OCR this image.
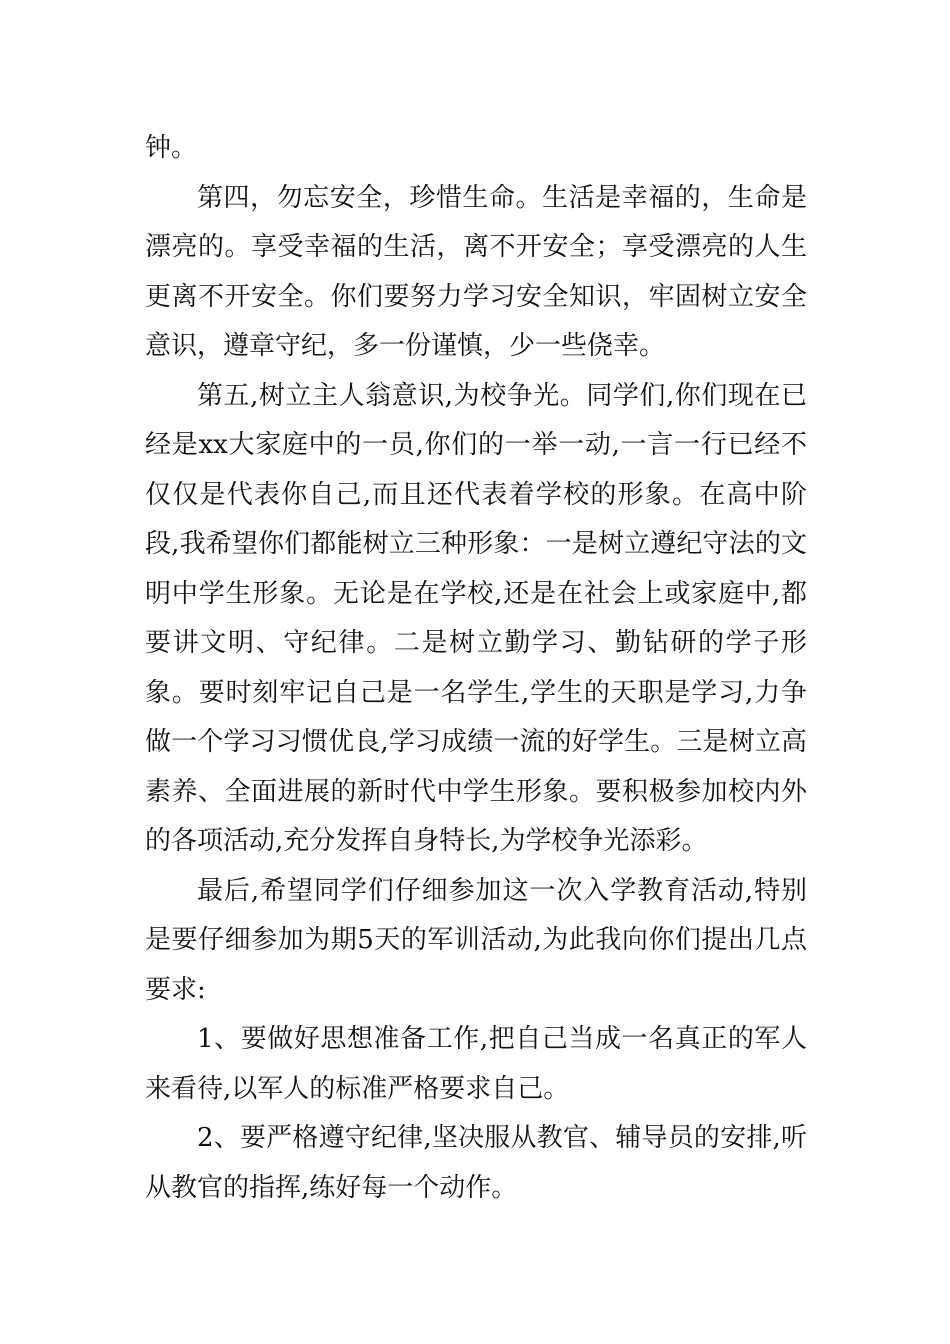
钟。

第四，勿忘安全，珍惜生命。生活是幸福的，生命是漂亮的。享受幸福的生活，离不开安全；享受漂亮的人生更离不开安全。你们要努力学习安全知识，牢固树立安全意识，遵章守纪，多一份谨慎，少一些侥幸。

第五,树立主人翁意识,为校争光。同学们,你们现在已经是xx大家庭中的一员,你们的一举一动,一言一行已经不仅仅是代表你自己,而且还代表着学校的形象。在高中阶段,我希望你们都能树立三种形象：一是树立遵纪守法的文明中学生形象。无论是在学校,还是在社会上或家庭中,都要讲文明、守纪律。二是树立勤学习、勤钻研的学子形象。要时刻牢记自己是一名学生,学生的天职是学习,力争做一个学习习惯优良,学习成绩一流的好学生。三是树立高素养、全面进展的新时代中学生形象。要积极参加校内外的各项活动,充分发挥自身特长,为学校争光添彩。

最后,希望同学们仔细参加这一次入学教育活动,特别是要仔细参加为期5天的军训活动,为此我向你们提出几点要求:

1、要做好思想准备工作,把自己当成一名真正的军人来看待,以军人的标准严格要求自己。

2、要严格遵守纪律,坚决服从教官、辅导员的安排,听从教官的指挥,练好每一个动作。
